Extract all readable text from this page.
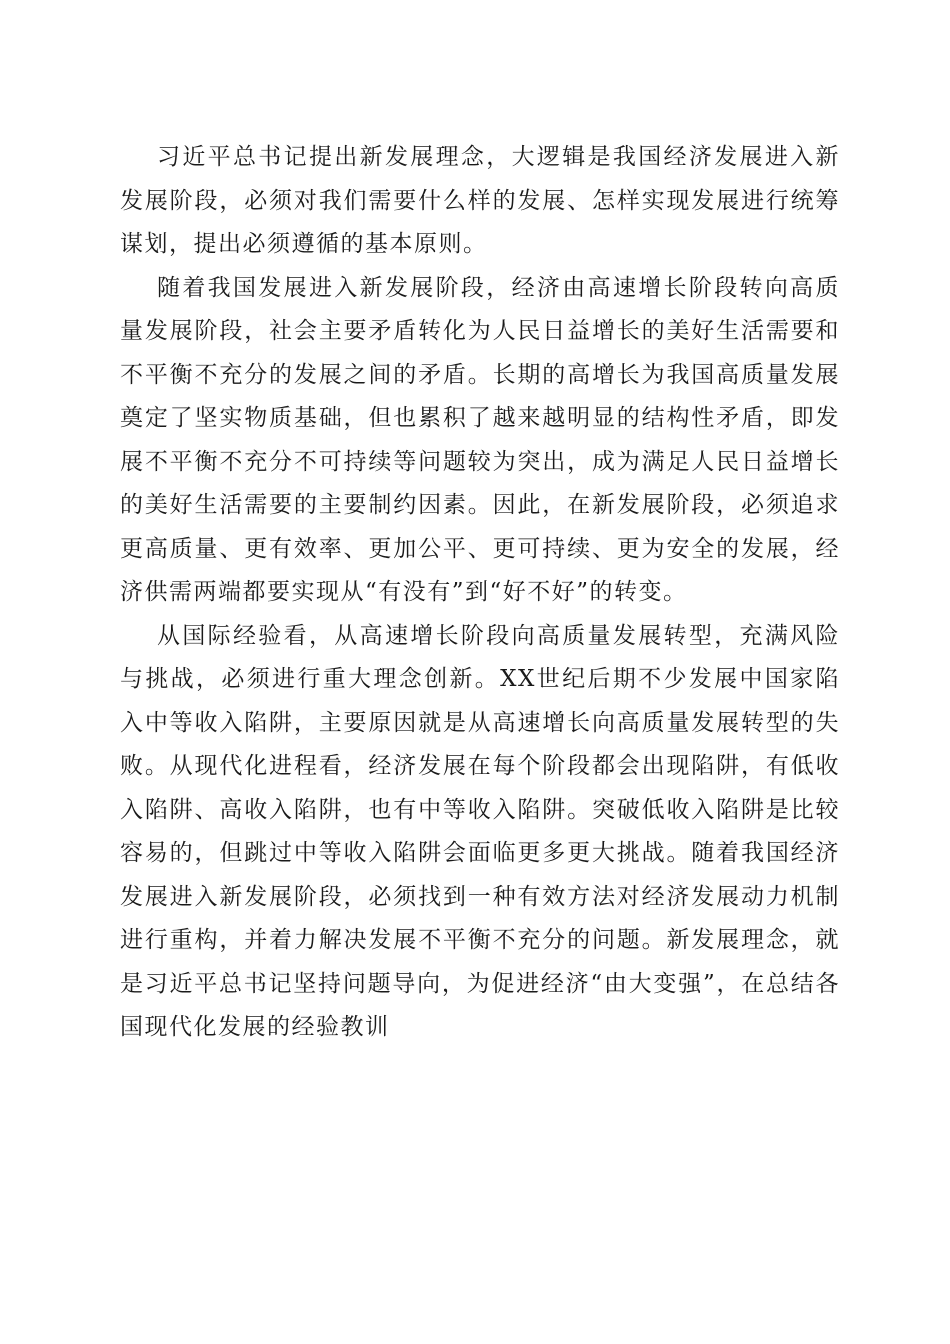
习近平总书记提出新发展理念，大逻辑是我国经济发展进入新发展阶段，必须对我们需要什么样的发展、怎样实现发展进行统筹谋划，提出必须遵循的基本原则。

随着我国发展进入新发展阶段，经济由高速增长阶段转向高质量发展阶段，社会主要矛盾转化为人民日益增长的美好生活需要和不平衡不充分的发展之间的矛盾。长期的高增长为我国高质量发展奠定了坚实物质基础，但也累积了越来越明显的结构性矛盾，即发展不平衡不充分不可持续等问题较为突出，成为满足人民日益增长的美好生活需要的主要制约因素。因此，在新发展阶段，必须追求更高质量、更有效率、更加公平、更可持续、更为安全的发展，经济供需两端都要实现从“有没有”到“好不好”的转变。

从国际经验看，从高速增长阶段向高质量发展转型，充满风险与挑战，必须进行重大理念创新。XX世纪后期不少发展中国家陷入中等收入陷阱，主要原因就是从高速增长向高质量发展转型的失败。从现代化进程看，经济发展在每个阶段都会出现陷阱，有低收入陷阱、高收入陷阱，也有中等收入陷阱。突破低收入陷阱是比较容易的，但跳过中等收入陷阱会面临更多更大挑战。随着我国经济发展进入新发展阶段，必须找到一种有效方法对经济发展动力机制进行重构，并着力解决发展不平衡不充分的问题。新发展理念，就是习近平总书记坚持问题导向，为促进经济“由大变强”，在总结各国现代化发展的经验教训
